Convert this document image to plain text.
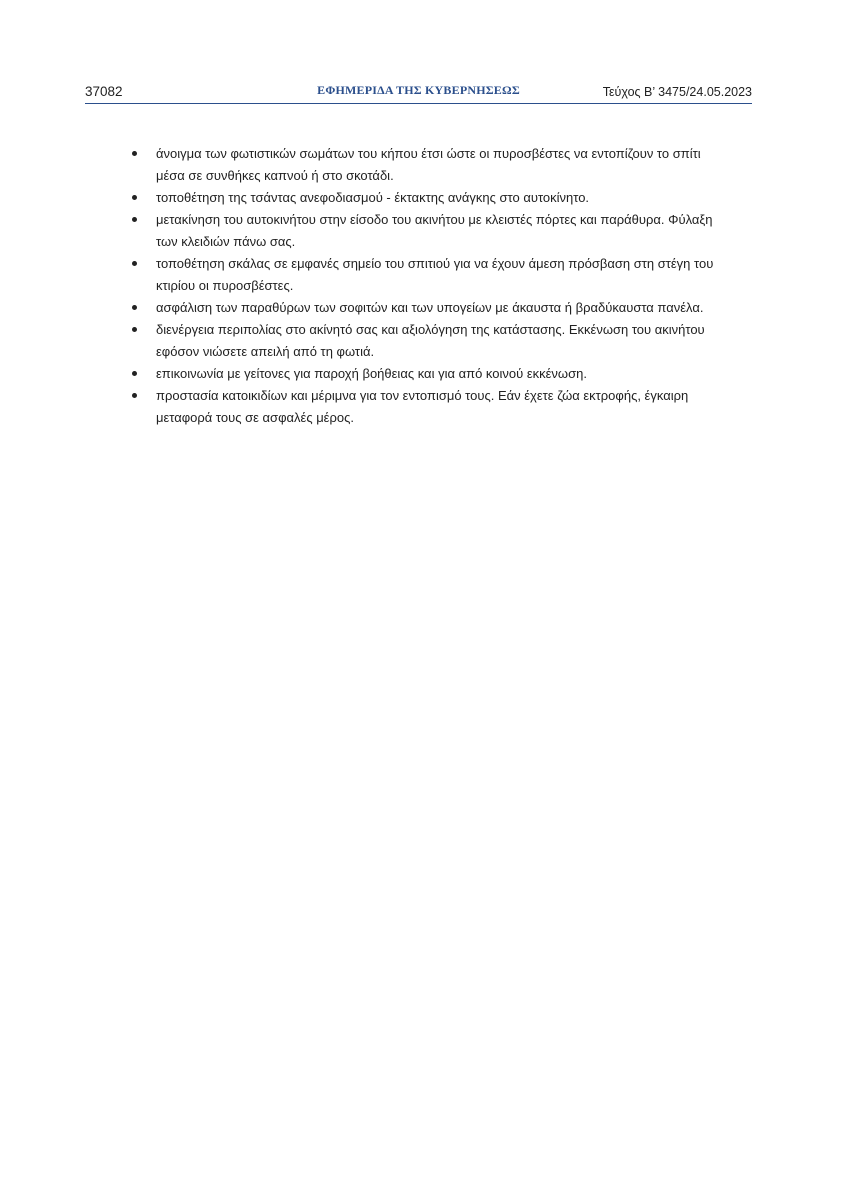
37082	ΕΦΗΜΕΡΙΔΑ ΤΗΣ ΚΥΒΕΡΝΗΣΕΩΣ	Τεύχος B’ 3475/24.05.2023
άνοιγμα των φωτιστικών σωμάτων του κήπου έτσι ώστε οι πυροσβέστες να εντοπίζουν το σπίτι μέσα σε συνθήκες καπνού ή στο σκοτάδι.
τοποθέτηση της τσάντας ανεφοδιασμού - έκτακτης ανάγκης στο αυτοκίνητο.
μετακίνηση του αυτοκινήτου στην είσοδο του ακινήτου με κλειστές πόρτες και παράθυρα. Φύλαξη των κλειδιών πάνω σας.
τοποθέτηση σκάλας σε εμφανές σημείο του σπιτιού για να έχουν άμεση πρόσβαση στη στέγη του κτιρίου οι πυροσβέστες.
ασφάλιση των παραθύρων των σοφιτών και των υπογείων με άκαυστα ή βραδύκαυστα πανέλα.
διενέργεια περιπολίας στο ακίνητό σας και αξιολόγηση της κατάστασης. Εκκένωση του ακινήτου εφόσον νιώσετε απειλή από τη φωτιά.
επικοινωνία με γείτονες για παροχή βοήθειας και για από κοινού εκκένωση.
προστασία κατοικιδίων και μέριμνα για τον εντοπισμό τους. Εάν έχετε ζώα εκτροφής, έγκαιρη μεταφορά τους σε ασφαλές μέρος.
